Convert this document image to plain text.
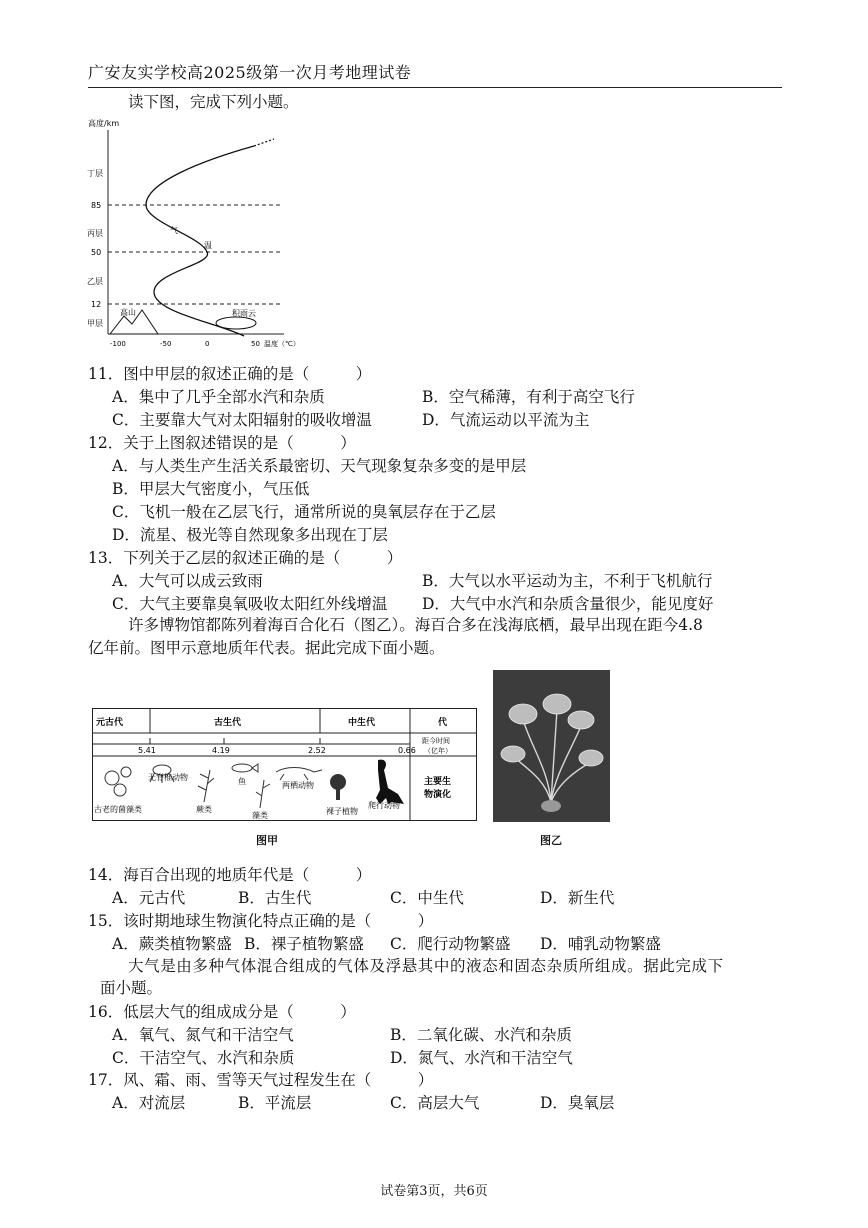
广安友实学校高2025级第一次月考地理试卷
读下图，完成下列小题。
高度/km
丁层
丙层
乙层
甲层
85
50
12
气
温
高山	积雨云
-100	-50	0	50 温度（℃）
11．图中甲层的叙述正确的是（　　　）
A．集中了几乎全部水汽和杂质	B．空气稀薄，有利于高空飞行
C．主要靠大气对太阳辐射的吸收增温	D．气流运动以平流为主
12．关于上图叙述错误的是（　　　）
A．与人类生产生活关系最密切、天气现象复杂多变的是甲层
B．甲层大气密度小，气压低
C．飞机一般在乙层飞行，通常所说的臭氧层存在于乙层
D．流星、极光等自然现象多出现在丁层
13．下列关于乙层的叙述正确的是（　　　）
A．大气可以成云致雨	B．大气以水平运动为主，不利于飞机航行
C．大气主要靠臭氧吸收太阳红外线增温 D．大气中水汽和杂质含量很少，能见度好
许多博物馆都陈列着海百合化石（图乙）。海百合多在浅海底栖，最早出现在距今4.8
亿年前。图甲示意地质年代表。据此完成下面小题。
元古代	古生代	中生代	代
5.41	4.19	2.52	0.66
距今时间
（亿年）
无脊椎动物	鱼	两栖动物
古老的菌藻类	蕨类
藻类	裸子植物
爬行动物
主要生
物演化
图甲	图乙
14．海百合出现的地质年代是（　　　）
A．元古代	B．古生代	C．中生代	D．新生代
15．该时期地球生物演化特点正确的是（　　　）
A．蕨类植物繁盛 B．裸子植物繁盛 C．爬行动物繁盛 D．哺乳动物繁盛
大气是由多种气体混合组成的气体及浮悬其中的液态和固态杂质所组成。据此完成下
面小题。
16．低层大气的组成成分是（　　　）
A．氧气、氮气和干洁空气	B．二氧化碳、水汽和杂质
C．干洁空气、水汽和杂质	D．氮气、水汽和干洁空气
17．风、霜、雨、雪等天气过程发生在（　　　）
A．对流层	B．平流层	C．高层大气	D．臭氧层
试卷第3页，共6页
